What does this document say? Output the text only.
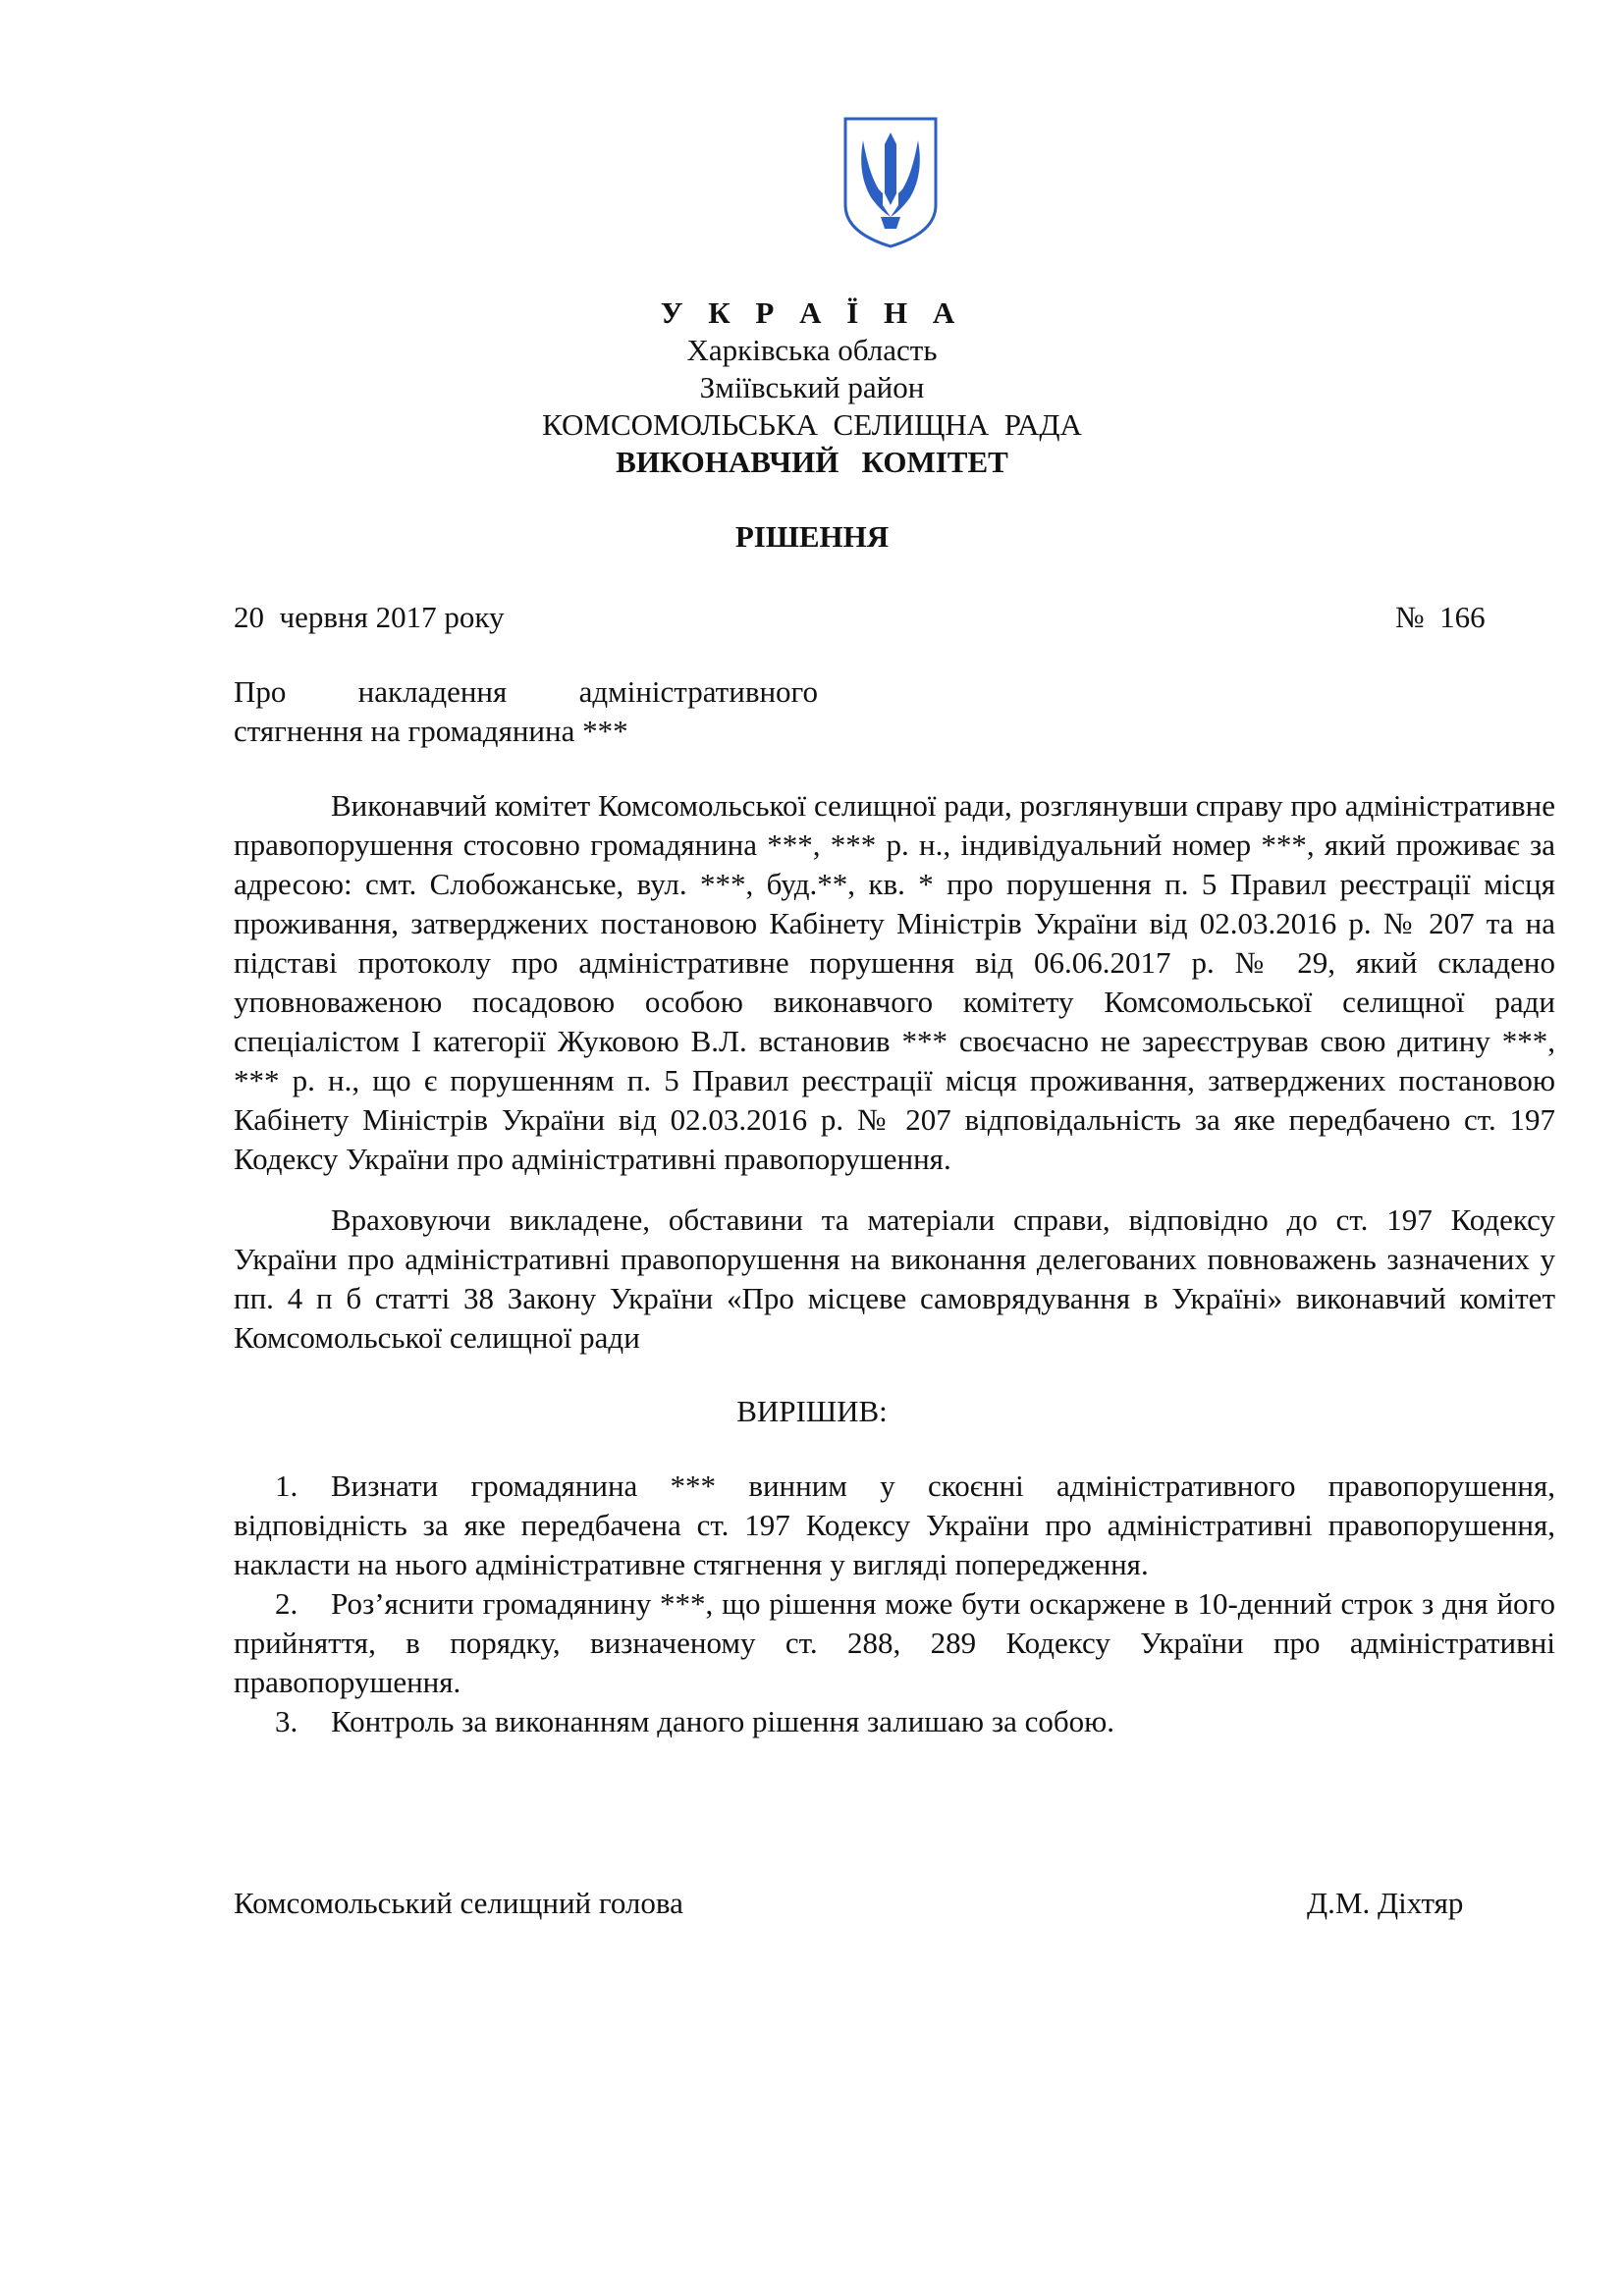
У К Р А Ї Н А
Харківська область
Зміївський район
КОМСОМОЛЬСЬКА  СЕЛИЩНА  РАДА
ВИКОНАВЧИЙ   КОМІТЕТ
РІШЕННЯ
20  червня 2017 року	№  166
Про накладення адміністративного
стягнення на громадянина ***

Виконавчий комітет Комсомольської селищної ради, розглянувши справу про адміністративне правопорушення стосовно громадянина ***, *** р. н., індивідуальний номер ***, який проживає за адресою: смт. Слобожанське, вул. ***, буд.**, кв. * про порушення п. 5 Правил реєстрації місця проживання, затверджених постановою Кабінету Міністрів України від 02.03.2016 р. № 207 та на підставі протоколу про адміністративне порушення від 06.06.2017 р. № 29, який складено уповноваженою посадовою особою виконавчого комітету Комсомольської селищної ради спеціалістом І категорії Жуковою В.Л. встановив *** своєчасно не зареєстрував свою дитину ***, *** р. н., що є порушенням п. 5 Правил реєстрації місця проживання, затверджених постановою Кабінету Міністрів України від 02.03.2016 р. № 207 відповідальність за яке передбачено ст. 197 Кодексу України про адміністративні правопорушення.

Враховуючи викладене, обставини та матеріали справи, відповідно до ст. 197 Кодексу України про адміністративні правопорушення на виконання делегованих повноважень зазначених у пп. 4 п б статті 38 Закону України «Про місцеве самоврядування в Україні» виконавчий комітет Комсомольської селищної ради

ВИРІШИВ:

1. Визнати громадянина *** винним у скоєнні адміністративного правопорушення, відповідність за яке передбачена ст. 197 Кодексу України про адміністративні правопорушення, накласти на нього адміністративне стягнення у вигляді попередження.

2. Роз’яснити громадянину ***, що рішення може бути оскаржене в 10-денний строк з дня його прийняття, в порядку, визначеному ст. 288, 289 Кодексу України про адміністративні правопорушення.

3. Контроль за виконанням даного рішення залишаю за собою.

Комсомольський селищний голова	Д.М. Діхтяр
